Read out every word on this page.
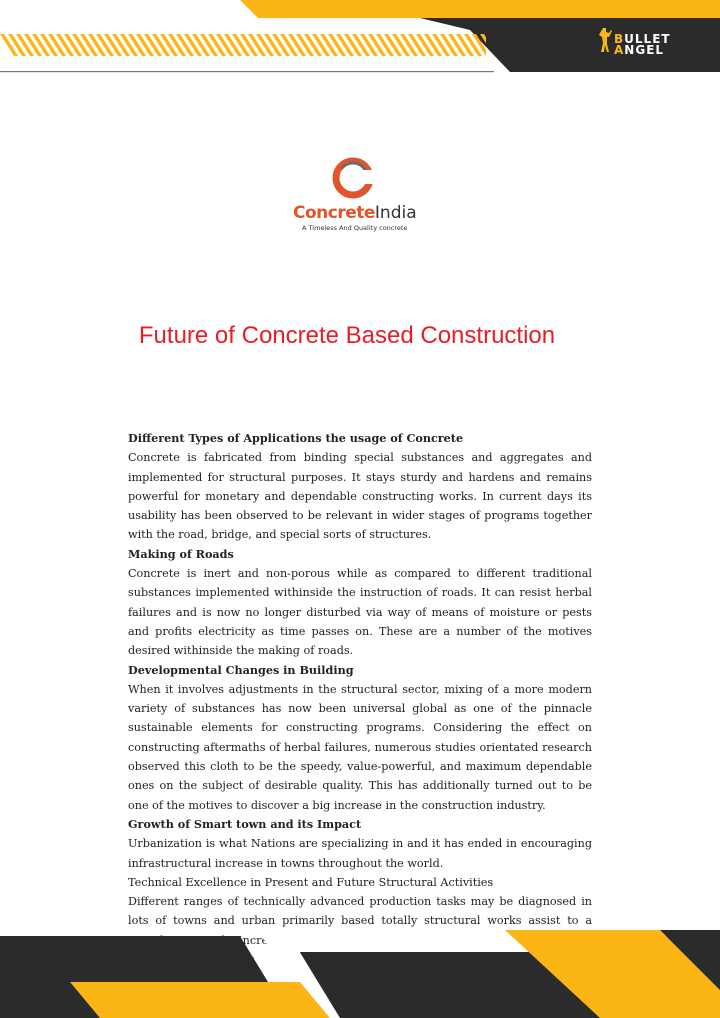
BULLET
ANGEL
ConcreteIndia
A Timeless And Quality concrete
Future of Concrete Based Construction
Different Types of Applications the usage of Concrete

Concrete is fabricated from binding special substances and aggregates and implemented for structural purposes. It stays sturdy and hardens and remains powerful for monetary and dependable constructing works. In current days its usability has been observed to be relevant in wider stages of programs together with the road, bridge, and special sorts of structures.

Making of Roads

Concrete is inert and non-porous while as compared to different traditional substances implemented withinside the instruction of roads. It can resist herbal failures and is now no longer disturbed via way of means of moisture or pests and profits electricity as time passes on. These are a number of the motives desired withinside the making of roads.

Developmental Changes in Building

When it involves adjustments in the structural sector, mixing of a more modern variety of substances has now been universal global as one of the pinnacle sustainable elements for constructing programs. Considering the effect on constructing aftermaths of herbal failures, numerous studies orientated research observed this cloth to be the speedy, value-powerful, and maximum dependable ones on the subject of desirable quality. This has additionally turned out to be one of the motives to discover a big increase in the construction industry.

Growth of Smart town and its Impact

Urbanization is what Nations are specializing in and it has ended in encouraging infrastructural increase in towns throughout the world.

Technical Excellence in Present and Future Structural Activities

Different ranges of technically advanced production tasks may be diagnosed in lots of towns and urban primarily based totally structural works assist to a increase
